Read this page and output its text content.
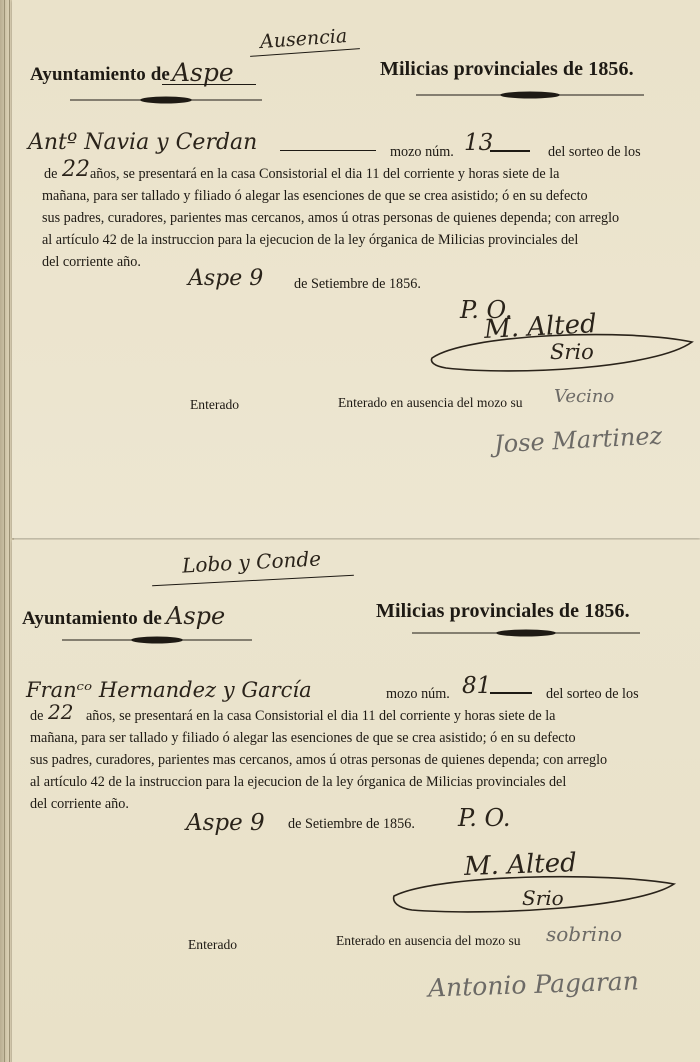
Ausencia
Ayuntamiento de Aspe	Milicias provinciales de 1856.
Antº Navia y Cerdan	mozo núm. 13	del sorteo de los
de 22 años, se presentará en la casa Consistorial el dia 11 del corriente y horas siete de la
mañana, para ser tallado y filiado ó alegar las esenciones de que se crea asistido; ó en su defecto
sus padres, curadores, parientes mas cercanos, amos ú otras personas de quienes dependa; con arreglo
al artículo 42 de la instruccion para la ejecucion de la ley órganica de Milicias provinciales del
del corriente año.
Aspe 9 de Setiembre de 1856.
P. O.
M. Alted
Srio
Enterado	Enterado en ausencia del mozo su Vecino
Jose Martinez
Lobo y Conde
Ayuntamiento de Aspe	Milicias provinciales de 1856.
Franᶜᵒ Hernandez y García	mozo núm. 81	del sorteo de los
de 22 años, se presentará en la casa Consistorial el dia 11 del corriente y horas siete de la
mañana, para ser tallado y filiado ó alegar las esenciones de que se crea asistido; ó en su defecto
sus padres, curadores, parientes mas cercanos, amos ú otras personas de quienes dependa; con arreglo
al artículo 42 de la instruccion para la ejecucion de la ley órganica de Milicias provinciales del
del corriente año.
Aspe 9 de Setiembre de 1856. P. O.
M. Alted
Srio
Enterado	Enterado en ausencia del mozo su sobrino
Antonio Pagaran
